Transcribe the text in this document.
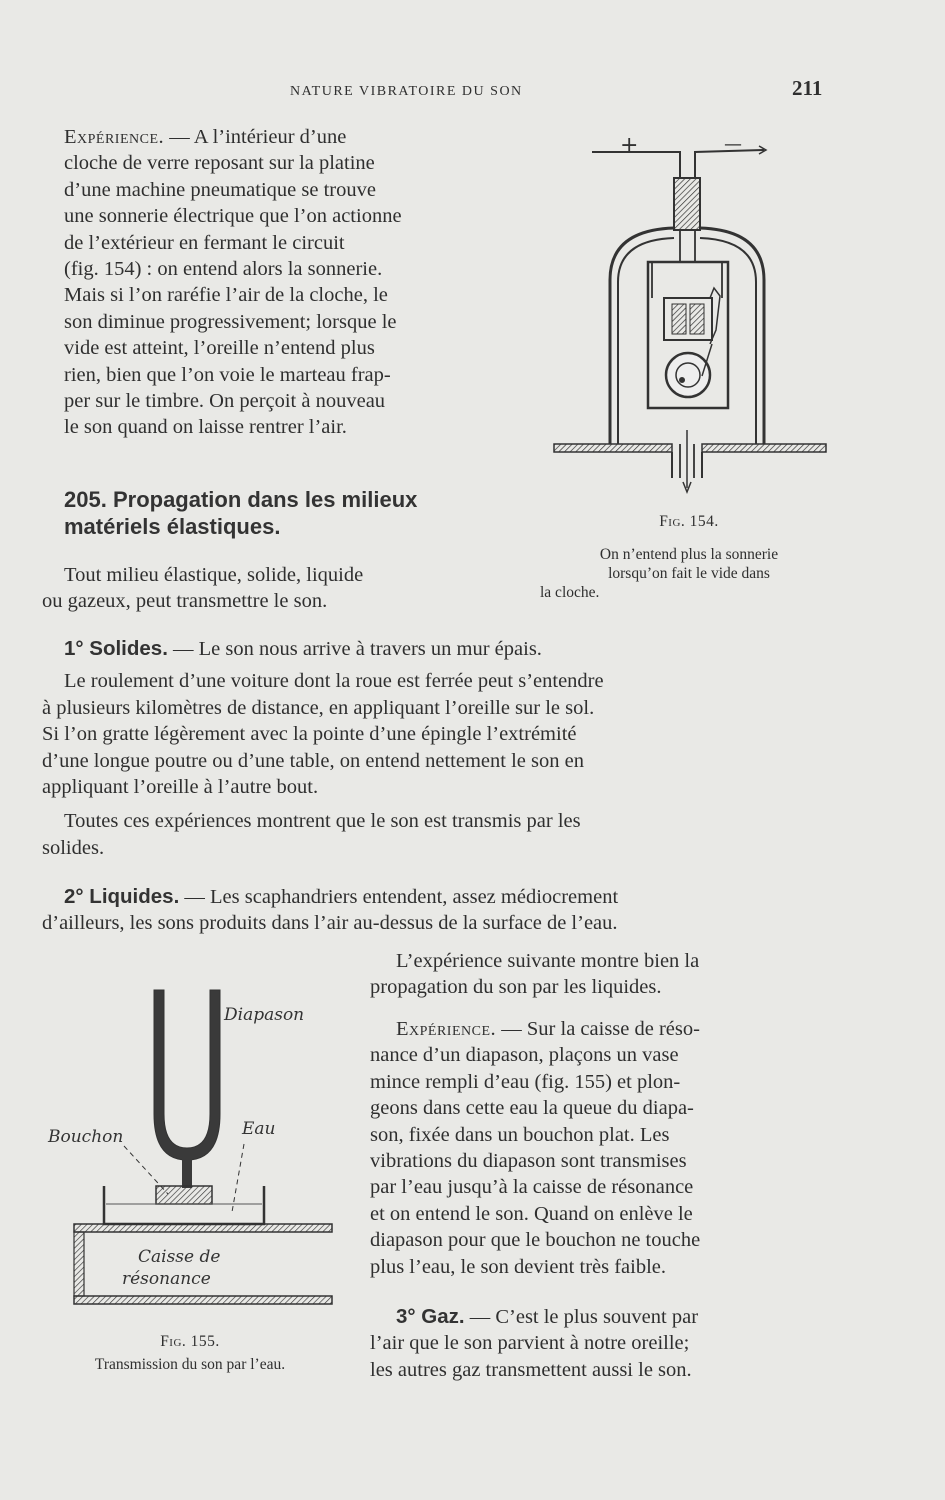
NATURE VIBRATOIRE DU SON	211
Expérience. — A l’intérieur d’une
cloche de verre reposant sur la platine
d’une machine pneumatique se trouve
une sonnerie électrique que l’on actionne
de l’extérieur en fermant le circuit
(fig. 154) : on entend alors la sonnerie.
Mais si l’on raréfie l’air de la cloche, le
son diminue progressivement; lorsque le
vide est atteint, l’oreille n’entend plus
rien, bien que l’on voie le marteau frap-
per sur le timbre. On perçoit à nouveau
le son quand on laisse rentrer l’air.
+	—
Fig. 154.
On n’entend plus la sonnerie
lorsqu’on fait le vide dans
la cloche.
205. Propagation dans les milieux
matériels élastiques.
Tout milieu élastique, solide, liquide
ou gazeux, peut transmettre le son.
1° Solides. — Le son nous arrive à travers un mur épais.
Le roulement d’une voiture dont la roue est ferrée peut s’entendre
à plusieurs kilomètres de distance, en appliquant l’oreille sur le sol.
Si l’on gratte légèrement avec la pointe d’une épingle l’extrémité
d’une longue poutre ou d’une table, on entend nettement le son en
appliquant l’oreille à l’autre bout.
Toutes ces expériences montrent que le son est transmis par les
solides.
2° Liquides. — Les scaphandriers entendent, assez médiocrement
d’ailleurs, les sons produits dans l’air au-dessus de la surface de l’eau.
L’expérience suivante montre bien la
propagation du son par les liquides.
Expérience. — Sur la caisse de réso-
nance d’un diapason, plaçons un vase
mince rempli d’eau (fig. 155) et plon-
geons dans cette eau la queue du diapa-
son, fixée dans un bouchon plat. Les
vibrations du diapason sont transmises
par l’eau jusqu’à la caisse de résonance
et on entend le son. Quand on enlève le
diapason pour que le bouchon ne touche
plus l’eau, le son devient très faible.
Diapason
Bouchon	Eau
Caisse de
résonance
Fig. 155.
Transmission du son par l’eau.
3° Gaz. — C’est le plus souvent par
l’air que le son parvient à notre oreille;
les autres gaz transmettent aussi le son.
